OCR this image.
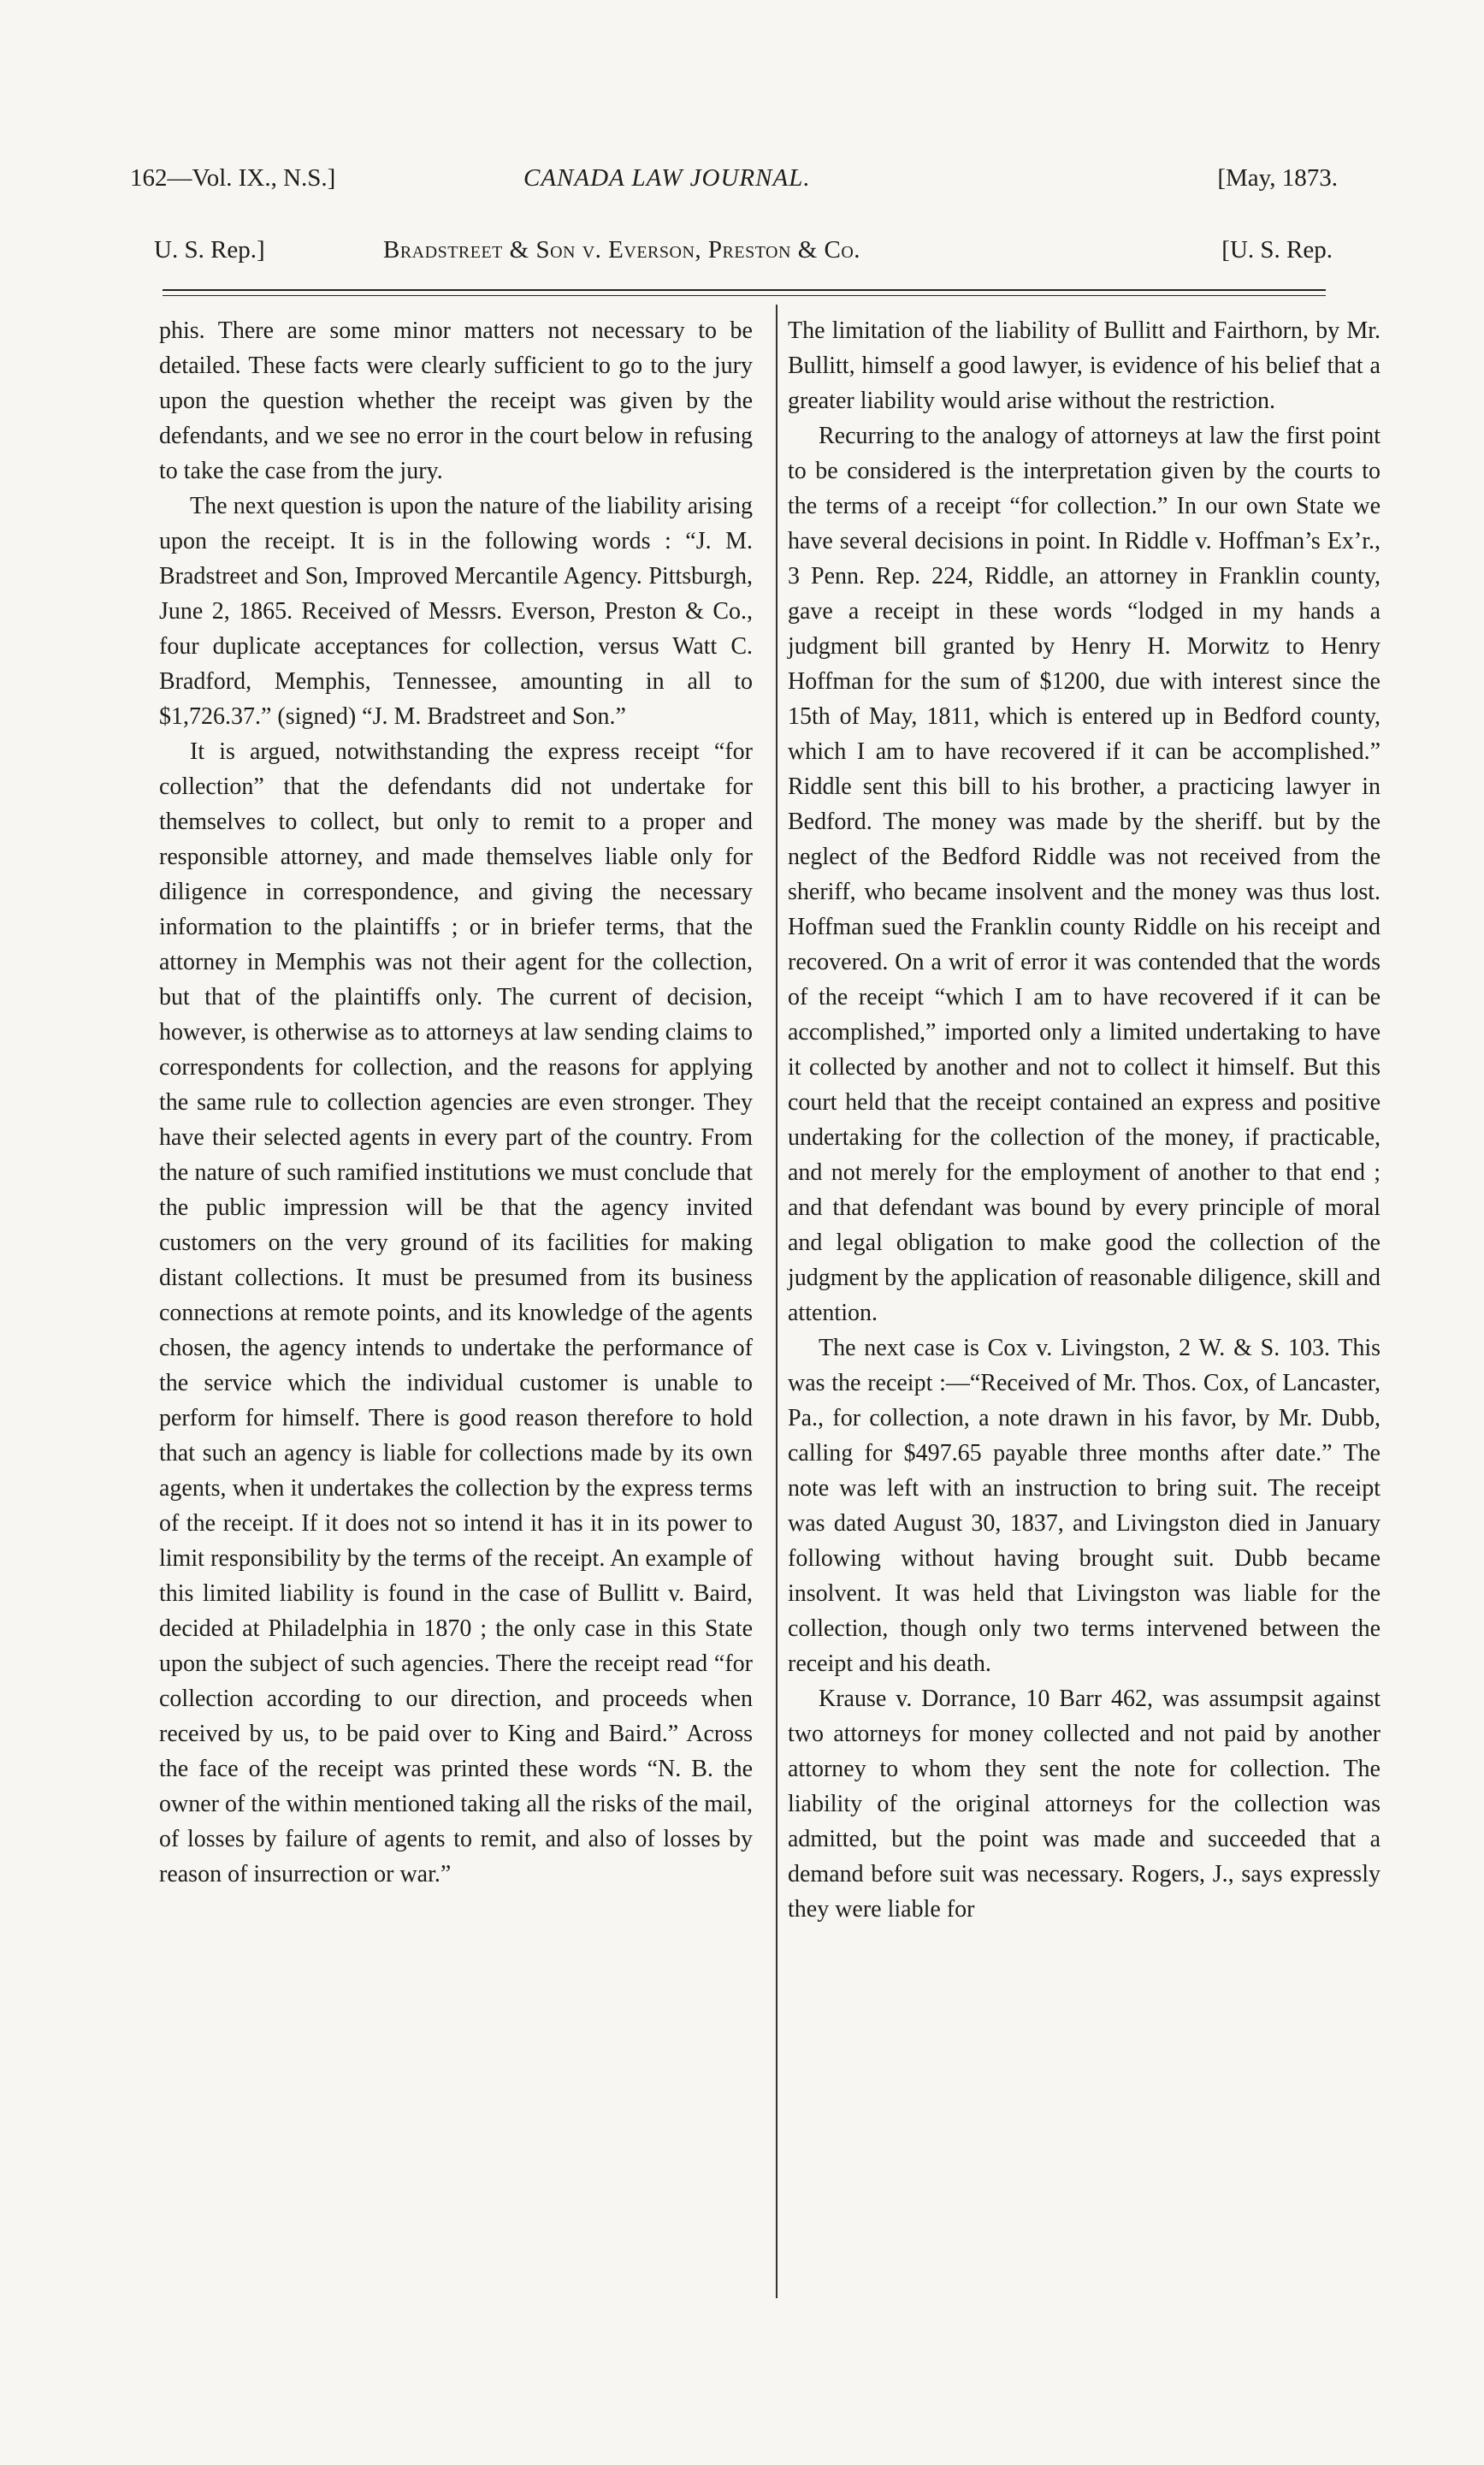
162—Vol. IX., N.S.]	CANADA LAW JOURNAL.	[May, 1873.
U. S. Rep.]	Bradstreet & Son v. Everson, Preston & Co.	[U. S. Rep.

phis. There are some minor matters not necessary to be detailed. These facts were clearly sufficient to go to the jury upon the question whether the receipt was given by the defendants, and we see no error in the court below in refusing to take the case from the jury.

The next question is upon the nature of the liability arising upon the receipt. It is in the following words : “J. M. Bradstreet and Son, Improved Mercantile Agency. Pittsburgh, June 2, 1865. Received of Messrs. Everson, Preston & Co., four duplicate acceptances for collection, versus Watt C. Bradford, Memphis, Tennessee, amounting in all to $1,726.37.” (signed) “J. M. Bradstreet and Son.”

It is argued, notwithstanding the express receipt “for collection” that the defendants did not undertake for themselves to collect, but only to remit to a proper and responsible attorney, and made themselves liable only for diligence in correspondence, and giving the necessary information to the plaintiffs ; or in briefer terms, that the attorney in Memphis was not their agent for the collection, but that of the plaintiffs only. The current of decision, however, is otherwise as to attorneys at law sending claims to correspondents for collection, and the reasons for applying the same rule to collection agencies are even stronger. They have their selected agents in every part of the country. From the nature of such ramified institutions we must conclude that the public impression will be that the agency invited customers on the very ground of its facilities for making distant collections. It must be presumed from its business connections at remote points, and its knowledge of the agents chosen, the agency intends to undertake the performance of the service which the individual customer is unable to perform for himself. There is good reason therefore to hold that such an agency is liable for collections made by its own agents, when it undertakes the collection by the express terms of the receipt. If it does not so intend it has it in its power to limit responsibility by the terms of the receipt. An example of this limited liability is found in the case of Bullitt v. Baird, decided at Philadelphia in 1870 ; the only case in this State upon the subject of such agencies. There the receipt read “for collection according to our direction, and proceeds when received by us, to be paid over to King and Baird.” Across the face of the receipt was printed these words “N. B. the owner of the within mentioned taking all the risks of the mail, of losses by failure of agents to remit, and also of losses by reason of insurrection or war.”

The limitation of the liability of Bullitt and Fairthorn, by Mr. Bullitt, himself a good lawyer, is evidence of his belief that a greater liability would arise without the restriction.

Recurring to the analogy of attorneys at law the first point to be considered is the interpretation given by the courts to the terms of a receipt “for collection.” In our own State we have several decisions in point. In Riddle v. Hoffman’s Ex’r., 3 Penn. Rep. 224, Riddle, an attorney in Franklin county, gave a receipt in these words “lodged in my hands a judgment bill granted by Henry H. Morwitz to Henry Hoffman for the sum of $1200, due with interest since the 15th of May, 1811, which is entered up in Bedford county, which I am to have recovered if it can be accomplished.” Riddle sent this bill to his brother, a practicing lawyer in Bedford. The money was made by the sheriff. but by the neglect of the Bedford Riddle was not received from the sheriff, who became insolvent and the money was thus lost. Hoffman sued the Franklin county Riddle on his receipt and recovered. On a writ of error it was contended that the words of the receipt “which I am to have recovered if it can be accomplished,” imported only a limited undertaking to have it collected by another and not to collect it himself. But this court held that the receipt contained an express and positive undertaking for the collection of the money, if practicable, and not merely for the employment of another to that end ; and that defendant was bound by every principle of moral and legal obligation to make good the collection of the judgment by the application of reasonable diligence, skill and attention.

The next case is Cox v. Livingston, 2 W. & S. 103. This was the receipt :—“Received of Mr. Thos. Cox, of Lancaster, Pa., for collection, a note drawn in his favor, by Mr. Dubb, calling for $497.65 payable three months after date.” The note was left with an instruction to bring suit. The receipt was dated August 30, 1837, and Livingston died in January following without having brought suit. Dubb became insolvent. It was held that Livingston was liable for the collection, though only two terms intervened between the receipt and his death.

Krause v. Dorrance, 10 Barr 462, was assumpsit against two attorneys for money collected and not paid by another attorney to whom they sent the note for collection. The liability of the original attorneys for the collection was admitted, but the point was made and succeeded that a demand before suit was necessary. Rogers, J., says expressly they were liable for
